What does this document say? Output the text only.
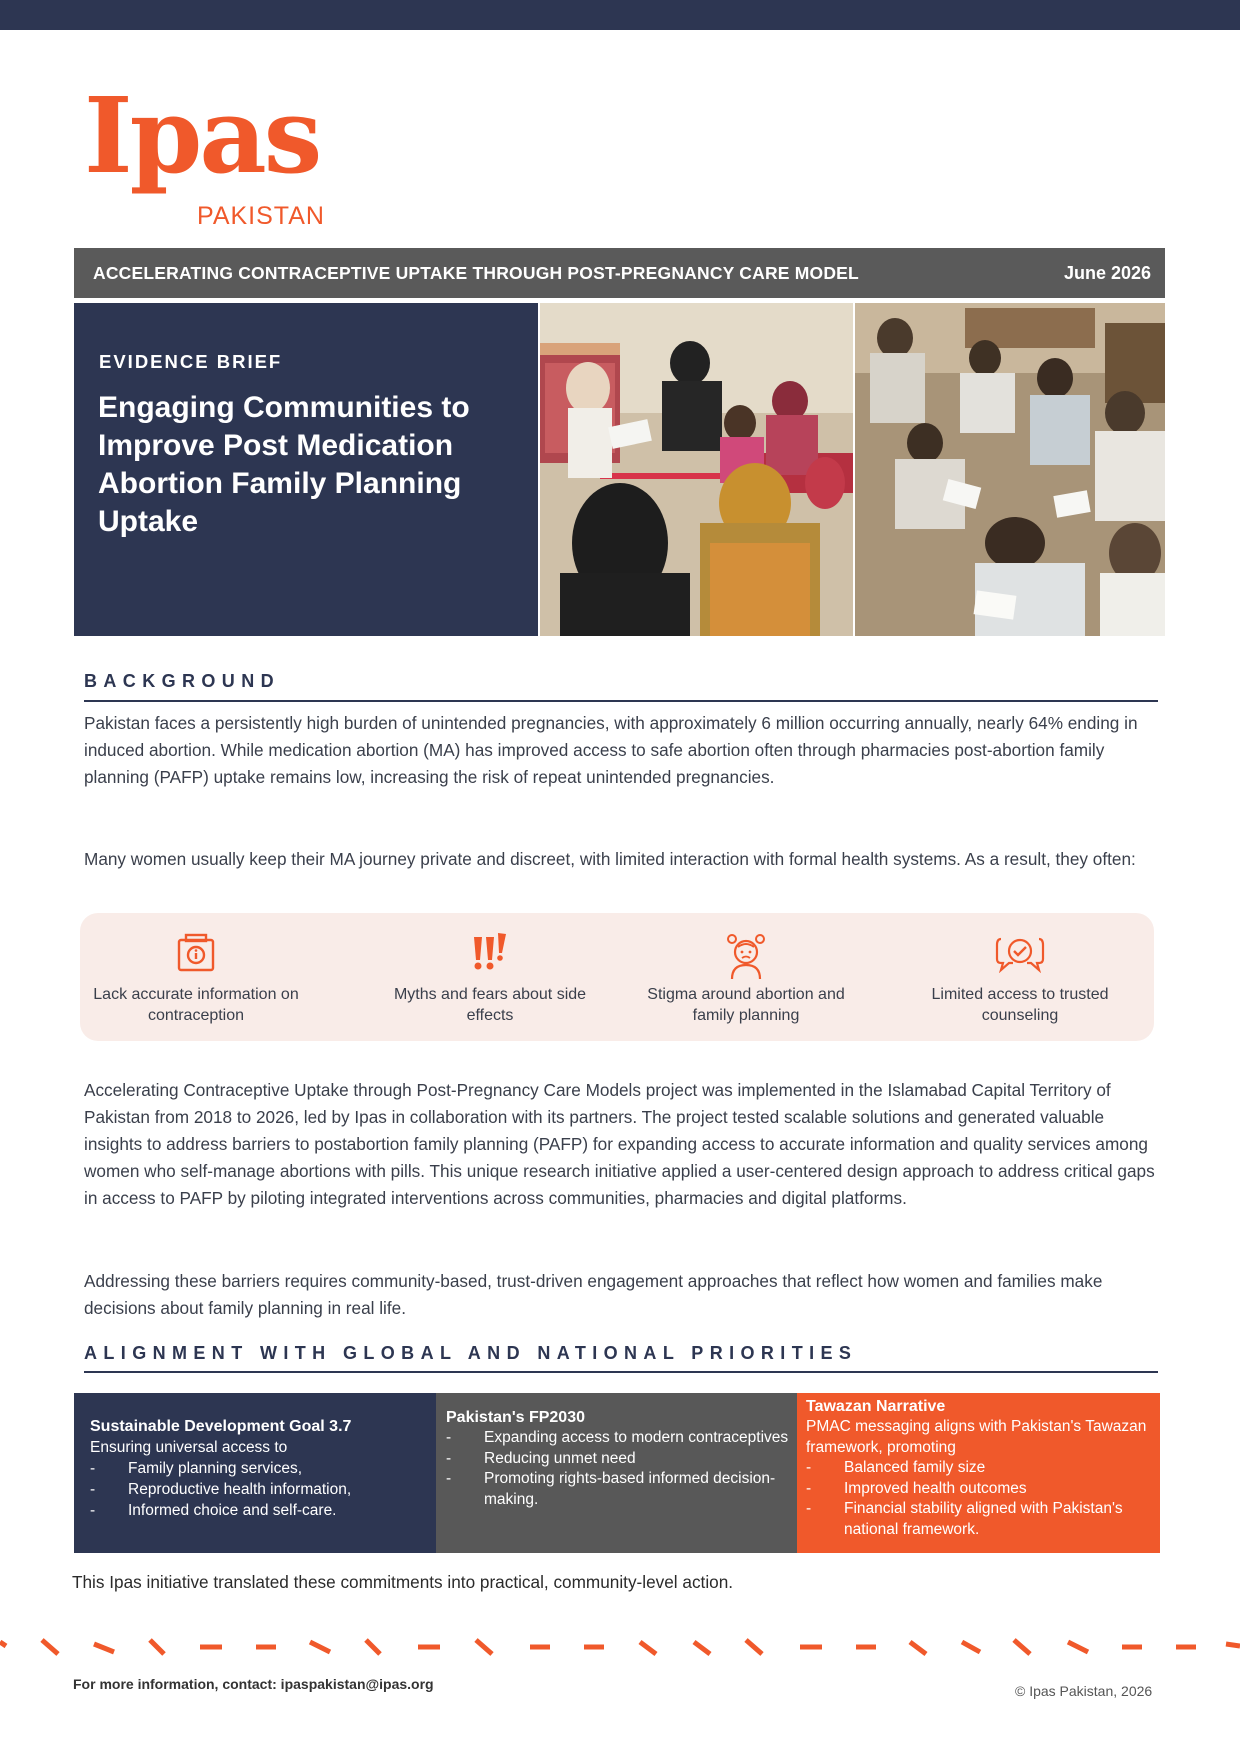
Ipas
PAKISTAN
ACCELERATING CONTRACEPTIVE UPTAKE THROUGH POST-PREGNANCY CARE MODEL	June 2026
EVIDENCE BRIEF
Engaging Communities to Improve Post Medication Abortion Family Planning Uptake
BACKGROUND
Pakistan faces a persistently high burden of unintended pregnancies, with approximately 6 million occurring annually, nearly 64% ending in induced abortion. While medication abortion (MA) has improved access to safe abortion often through pharmacies post-abortion family planning (PAFP) uptake remains low, increasing the risk of repeat unintended pregnancies.
Many women usually keep their MA journey private and discreet, with limited interaction with formal health systems. As a result, they often:
Lack accurate information on contraception
Myths and fears about side effects
Stigma around abortion and family planning
Limited access to trusted counseling
Accelerating Contraceptive Uptake through Post-Pregnancy Care Models project was implemented in the Islamabad Capital Territory of Pakistan from 2018 to 2026, led by Ipas in collaboration with its partners. The project tested scalable solutions and generated valuable insights to address barriers to postabortion family planning (PAFP) for expanding access to accurate information and quality services among women who self-manage abortions with pills. This unique research initiative applied a user-centered design approach to address critical gaps in access to PAFP by piloting integrated interventions across communities, pharmacies and digital platforms.
Addressing these barriers requires community-based, trust-driven engagement approaches that reflect how women and families make decisions about family planning in real life.
ALIGNMENT WITH GLOBAL AND NATIONAL PRIORITIES
Sustainable Development Goal 3.7
Ensuring universal access to
- Family planning services,
- Reproductive health information,
- Informed choice and self-care.
Pakistan's FP2030
- Expanding access to modern contraceptives
- Reducing unmet need
- Promoting rights-based informed decision-making.
Tawazan Narrative
PMAC messaging aligns with Pakistan's Tawazan framework, promoting
- Balanced family size
- Improved health outcomes
- Financial stability aligned with Pakistan's national framework.
This Ipas initiative translated these commitments into practical, community-level action.
For more information, contact: ipaspakistan@ipas.org	© Ipas Pakistan, 2026
